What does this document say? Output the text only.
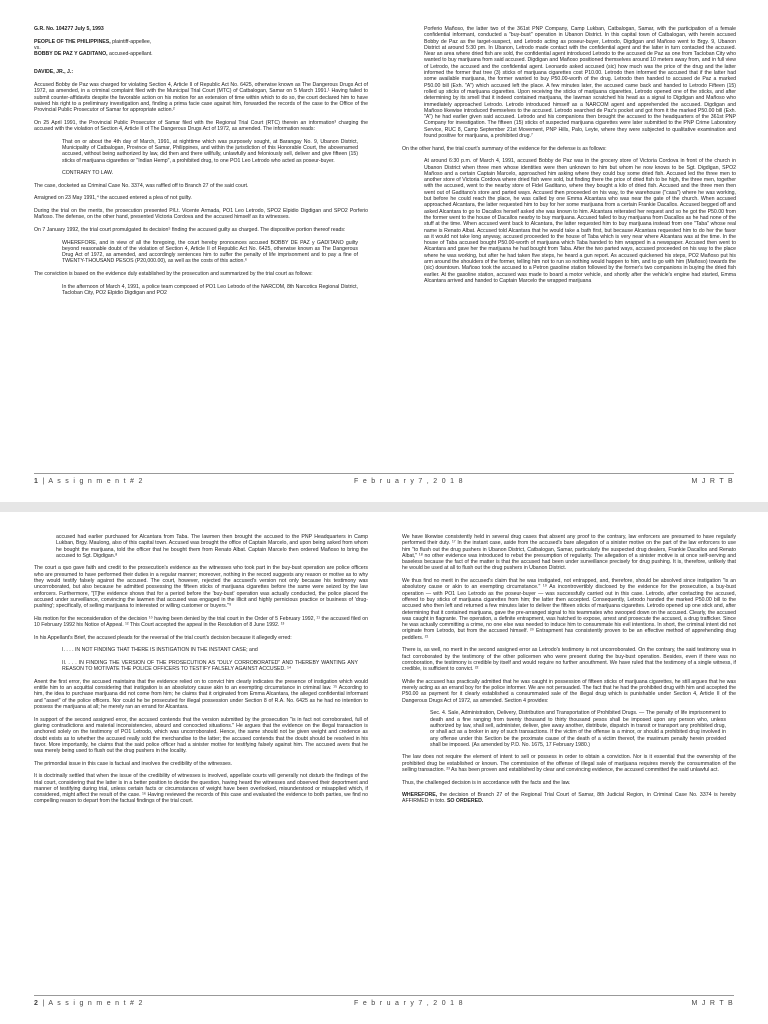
G.R. No. 104277 July 5, 1993

PEOPLE OF THE PHILIPPINES, plaintiff-appellee,

vs.

BOBBY DE PAZ Y GADITANO, accused-appellant.

DAVIDE, JR., J.:

Accused Bobby de Paz was charged for violating Section 4, Article II of Republic Act No. 6425, otherwise known as The Dangerous Drugs Act of 1972, as amended, in a criminal complaint filed with the Municipal Trial Court (MTC) of Catbalogan, Samar on 5 March 1991.¹ Having failed to submit counter-affidavits despite the favorable action on his motion for an extension of time within which to do so, the court declared him to have waived his right to a preliminary investigation and, finding a prima facie case against him, forwarded the records of the case to the Office of the Provincial Public Prosecutor of Samar for appropriate action.²

On 25 April 1991, the Provincial Public Prosecutor of Samar filed with the Regional Trial Court (RTC) therein an information³ charging the accused with the violation of Section 4, Article II of The Dangerous Drugs Act of 1972, as amended. The information reads:

That on or about the 4th day of March, 1991, at nighttime which was purposely sought, at Barangay No. 9, Ubanon District, Municipality of Catbalogan, Province of Samar, Philippines, and within the jurisdiction of this Honorable Court, the abovenamed accused, without being authorized by law, did then and there willfully, unlawfully and feloniously sell, deliver and give fifteen (15) sticks of marijuana cigarettes or "Indian Hemp", a prohibited drug, to one PO1 Leo Letrodo who acted as poseur-buyer.

CONTRARY TO LAW.

The case, docketed as Criminal Case No. 3374, was raffled off to Branch 27 of the said court.

Arraigned on 23 May 1991,⁴ the accused entered a plea of not guilty.

During the trial on the merits, the prosecution presented P/Lt. Vicente Armada, PO1 Leo Letrodo, SPO2 Elpidio Digdigan and SPO2 Porferio Mañoso. The defense, on the other hand, presented Victoria Cordova and the accused himself as its witnesses.

On 7 January 1992, the trial court promulgated its decision⁵ finding the accused guilty as charged. The dispositive portion thereof reads:

WHEREFORE, and in view of all the foregoing, the court hereby pronounces accused BOBBY DE PAZ y GADITANO guilty beyond reasonable doubt of the violation of Section 4, Article II of Republic Act No. 6425, otherwise known as The Dangerous Drug Act of 1972, as amended, and accordingly sentences him to suffer the penalty of life imprisonment and to pay a fine of TWENTY-THOUSAND PESOS (P20,000.00), as well as the costs of this action.⁶

The conviction is based on the evidence duly established by the prosecution and summarized by the trial court as follows:

In the afternoon of March 4, 1991, a police team composed of PO1 Leo Letrodo of the NARCOM, 8th Narcotics Regional District, Tacloban City, PO2 Elpidio Digdigan and PO2

Porferio Mañoso, the latter two of the 361st PNP Company, Camp Lukban, Catbalogan, Samar, with the participation of a female confidential informant, conducted a "buy-bust" operation in Ubanon District. In this capital town of Catbalogan, with herein accused Bobby de Paz as the target-suspect, and Letrodo acting as poseur-buyer, Letrodo, Digdigan and Mañoso went to Brgy. 9, Ubanon District at around 5:30 pm. In Ubanon, Letrodo made contact with the confidential agent and the latter in turn contacted the accused. Near an area where dried fish are sold, the confidential agent introduced Letrodo to the accused de Paz as one from Tacloban City who wanted to buy marijuana from said accused. Digdigan and Mañoso positioned themselves around 10 meters away from, and in full view of Letrodo, the accused and the confidential agent. Leonardo asked accused (sic) how much was the price of the drug and the latter informed the former that tree (3) sticks of marijuana cigarettes cost P10.00. Letrodo then informed the accused that if the latter had some available marijuana, the former wanted to buy P50.00-worth of the drug. Letrodo then handed to accused de Paz a marked P50.00 bill (Exh. "A") which accused left the place. A few minutes later, the accused came back and handed to Letrodo Fifteen (15) rolled up sticks of marijuana cigarettes. Upon receiving the sticks of marijuana cigarettes, Letrodo opened one of the sticks, and after determining by its smell that it indeed contained marijuana, the lawman scratched his head as a signal to Digdigan and Mañoso who immediately approached Letrodo. Letrodo introduced himself as a NARCOM agent and apprehended the accused. Digdigan and Mañoso likewise introduced themselves to the accused. Letrodo searched de Paz's pocket and got from it the marked P50.00 bill (Exh. "A") he had earlier given said accused. Letrodo and his companions then brought the accused to the headquarters of the 361st PNP Company for investigation. The fifteen (15) sticks of suspected marijuana cigarettes were later submitted to the PNP Crime Laboratory Service, RUC 8, Camp September 21st Movement, PNP Hills, Palo, Leyte, where they were subjected to qualitative examination and found positive for marijuana, a prohibited drug.⁷

On the other hand, the trial court's summary of the evidence for the defense is as follows:

At around 6:30 p.m. of March 4, 1991, accused Bobby de Paz was in the grocery store of Victoria Cordova in front of the church in Ubanon District when three men whose identities were then unknown to him but whom he now knows to be Sgt. Digdigan, SPO2 Mañoso and a certain Captain Marcelo, approached him asking where they could buy some dried fish. Accused led the three men to another store of Victoria Cordova where dried fish were sold, but finding there the price of dried fish to be high, the three men, together with the accused, went to the nearby store of Fidel Gaditano, where they bought a kilo of dried fish. Accused and the three men then went out of Gaditano's store and parted ways. Accused then proceeded on his way, to the warehouse ("casa") where he was working, but before he could reach the place, he was called by one Emma Alcantara who was near the gate of the church. When accused approached Alcantara, the latter requested him to buy for her some marijuana from a certain Frankie Dacallos. Accused begged off and asked Alcantara to go to Dacallos herself asked she was known to him. Alcantara reiterated her request and so he got the P50.00 from the former went to the house of Dacallos nearby to buy marijuana. Accused failed to buy marijuana from Dacallos as he had none of the stuff at the time. When accused went back to Alcantara, the latter requested him to buy marijuana instead from one "Taba" whose real name is Renato Albat. Accused told Alcantara that he would take a bath first, but because Alcantara requested him to do her the favor as it would not take long anyway, accused proceeded to the house of Taba which is very near where Alcantara was at the time. In the house of Taba accused bought P50.00-worth of marijuana which Taba handed to him wrapped in a newspaper. Accused then went to Alcantara and gave her the marijuana he had bought from Taba. After the two parted ways, accused proceeded on his way to the place where he was working, but after he had taken five steps, he heard a gun report. As accused quickened his steps, PO2 Mañoso put his arm around the shoulders of the former, telling him not to run so nothing would happen to him, and to go with him (Mañoso) towards the (sic) downtown. Mañoso took the accused to a Petron gasoline station followed by the former's two companions in buying the dried fish earlier. At the gasoline station, accused was made to board a motor vehicle, and shortly after the vehicle's engine had started, Emma Alcantara arrived and handed to Captain Marcelo the wrapped marijuana

1 | A s s i g n m e n t # 2	F e b r u a r y 7 , 2 0 1 8	M J R T B

accused had earlier purchased for Alcantara from Taba. The lawmen then brought the accused to the PNP Headquarters in Camp Lukban, Brgy. Maulong, also of this capital town. Accused was brought the office of Captain Marcelo, and upon being asked from whom he bought the marijuana, told the officer that he bought them from Renato Albat. Captain Marcelo then ordered Mañoso to bring the accused to Sgt. Digdigan.⁸

The court a quo gave faith and credit to the prosecution's evidence as the witnesses who took part in the buy-bust operation are police officers who are presumed to have performed their duties in a regular manner; moreover, nothing in the record suggests any reason or motive as to why they would testify falsely against the accused. The court, however, rejected the accused's version not only because his testimony was uncorroborated, but also because he admitted possessing the fifteen sticks of marijuana cigarettes before the same were seized by the law enforcers. Furthermore, "[T]he evidence shows that for a period before the 'buy-bust' operation was actually conducted, the police placed the accused under surveillance, convincing the lawmen that accused was engaged in the illicit and highly pernicious practice or business of 'drug-pushing'; specifically, of selling marijuana to interested or willing customer or buyers."⁹

His motion for the reconsideration of the decision ¹⁰ having been denied by the trial court in the Order of 5 February 1992, ¹¹ the accused filed on 10 February 1992 his Notice of Appeal. ¹² This Court accepted the appeal in the Resolution of 8 June 1992. ¹³

In his Appellant's Brief, the accused pleads for the reversal of the trial court's decision because it allegedly erred:

I. . . . IN NOT FINDING THAT THERE IS INSTIGATION IN THE INSTANT CASE; and

II. . . . IN FINDING THE VERSION OF THE PROSECUTION AS "DULY CORROBORATED" AND THEREBY WANTING ANY REASON TO MOTIVATE THE POLICE OFFICERS TO TESTIFY FALSELY AGAINST ACCUSED. ¹⁴

Anent the first error, the accused maintains that the evidence relied on to convict him clearly indicates the presence of instigation which would entitle him to an acquittal considering that instigation is an absolutory cause akin to an exempting circumstance in criminal law. ¹⁵ According to him, the idea to purchase marijuana did not come from him; he claims that it originated from Emma Alcantara, the alleged confidential informant and "asset" of the police officers. Nor could he be prosecuted for illegal possession under Section 8 of R.A. No. 6425 as he had no intention to possess the marijuana at all; he merely ran an errand for Alcantara.

In support of the second assigned error, the accused contends that the version submitted by the prosecution "is in fact not corroborated, full of glaring contradictions and material inconsistencies, absurd and concocted situations." He argues that the evidence on the illegal transaction is anchored solely on the testimony of PO1 Letrodo, which was uncorroborated. Hence, the same should not be given weight and credence as doubt exists as to whether the accused really sold the merchandise to the latter; the accused contends that the doubt should be resolved in his favor. More importantly, he claims that the said police officer had a sinister motive for testifying falsely against him. The accused avers that he was merely being used to flush out the drug pushers in the locality.

The primordial issue in this case is factual and involves the credibility of the witnesses.

It is doctrinally settled that when the issue of the credibility of witnesses is involved, appellate courts will generally not disturb the findings of the trial court, considering that the latter is in a better position to decide the question, having heard the witnesses and observed their deportment and manner of testifying during trial, unless certain facts or circumstances of weight have been overlooked, misunderstood or misapplied which, if considered, might affect the result of the case. ¹⁶ Having reviewed the records of this case and evaluated the evidence to both parties, we find no compelling reason to depart from the factual findings of the trial court.

We have likewise consistently held in several drug cases that absent any proof to the contrary, law enforcers are presumed to have regularly performed their duty. ¹⁷ In the instant case, aside from the accused's bare allegation of a sinister motive on the part of the law enforcers to use him "to flush out the drug pushers in Ubanon District, Catbalogan, Samar, particularly the suspected drug dealers, Frankie Dacallos and Renato Albat," ¹⁸ no other evidence was introduced to rebut the presumption of regularity. The allegation of a sinister motive is at once self-serving and baseless because the fact of the matter is that the accused had been under surveillance precisely for drug pushing. It is, therefore, unlikely that he would be used at all to flush out the drug pushers in Ubanon District.

We thus find no merit in the accused's claim that he was instigated, not entrapped, and, therefore, should be absolved since instigation "is an absolutory cause or akin to an exempting circumstance." ¹⁹ As incontrovertibly disclosed by the evidence for the prosecution, a buy-bust operation — with PO1 Leo Letrodo as the poseur-buyer — was successfully carried out in this case. Letrodo, after contacting the accused, offered to buy sticks of marijuana cigarettes from him; the latter then accepted. Consequently, Letrodo handed the marked P50.00 bill to the accused who then left and returned a few minutes later to deliver the fifteen sticks of marijuana cigarettes. Letrodo opened up one stick and, after determining that it contained marijuana, gave the pre-arranged signal to his teammates who swooped down on the accused. Clearly, the accused was caught in flagrante. The operation, a definite entrapment, was hatched to expose, arrest and prosecute the accused, a drug trafficker. Since he was actually committing a crime, no one else was needed to induce him to consummate his evil intentions. In short, the criminal intent did not originate from Letrodo, but from the accused himself. ²⁰ Entrapment has consistently proven to be an effective method of apprehending drug peddlers. ²¹

There is, as well, no merit in the second assigned error as Letrodo's testimony is not uncorroborated. On the contrary, the said testimony was in fact corroborated by the testimony of the other policemen who were present during the buy-bust operation. Besides, even if there was no corroboration, the testimony is credible by itself and would require no further anouthment. We have ruled that the testimony of a single witness, if credible, is sufficient to convict. ²²

While the accused has practically admitted that he was caught in possession of fifteen sticks of marijuana cigarettes, he still argues that he was merely acting as an errand boy for the police informer. We are not persuaded. The fact that he had the prohibited drug with him and accepted the P50.00 as payment for it clearly established a consummated sale of the illegal drug which is punishable under Section 4, Article II of the Dangerous Drugs Act of 1972, as amended. Section 4 provides:

Sec. 4. Sale, Administration, Delivery, Distribution and Transportation of Prohibited Drugs. — The penalty of life imprisonment to death and a fine ranging from twenty thousand to thirty thousand pesos shall be imposed upon any person who, unless authorized by law, shall sell, administer, deliver, give away another, distribute, dispatch in transit or transport any prohibited drug, or shall act as a broker in any of such transactions. If the victim of the offense is a minor, or should a prohibited drug involved in any offense under this Section be the proximate cause of the death of a victim thereof, the maximum penalty herein provided shall be imposed. (As amended by P.D. No. 1675, 17 February 1980.)

The law does not require the element of intent to sell or possess in order to obtain a conviction. Nor is it essential that the ownership of the prohibited drug be established or known. The commission of the offense of illegal sale of marijuana requires merely the consummation of the selling transaction. ²³ As has been proven and established by clear and convincing evidence, the accused committed the said unlawful act.

Thus, the challenged decision is in accordance with the facts and the law.

WHEREFORE, the decision of Branch 27 of the Regional Trial Court of Samar, 8th Judicial Region, in Criminal Case No. 3374 is hereby AFFIRMED in toto. SO ORDERED.

2 | A s s i g n m e n t # 2	F e b r u a r y 7 , 2 0 1 8	M J R T B
